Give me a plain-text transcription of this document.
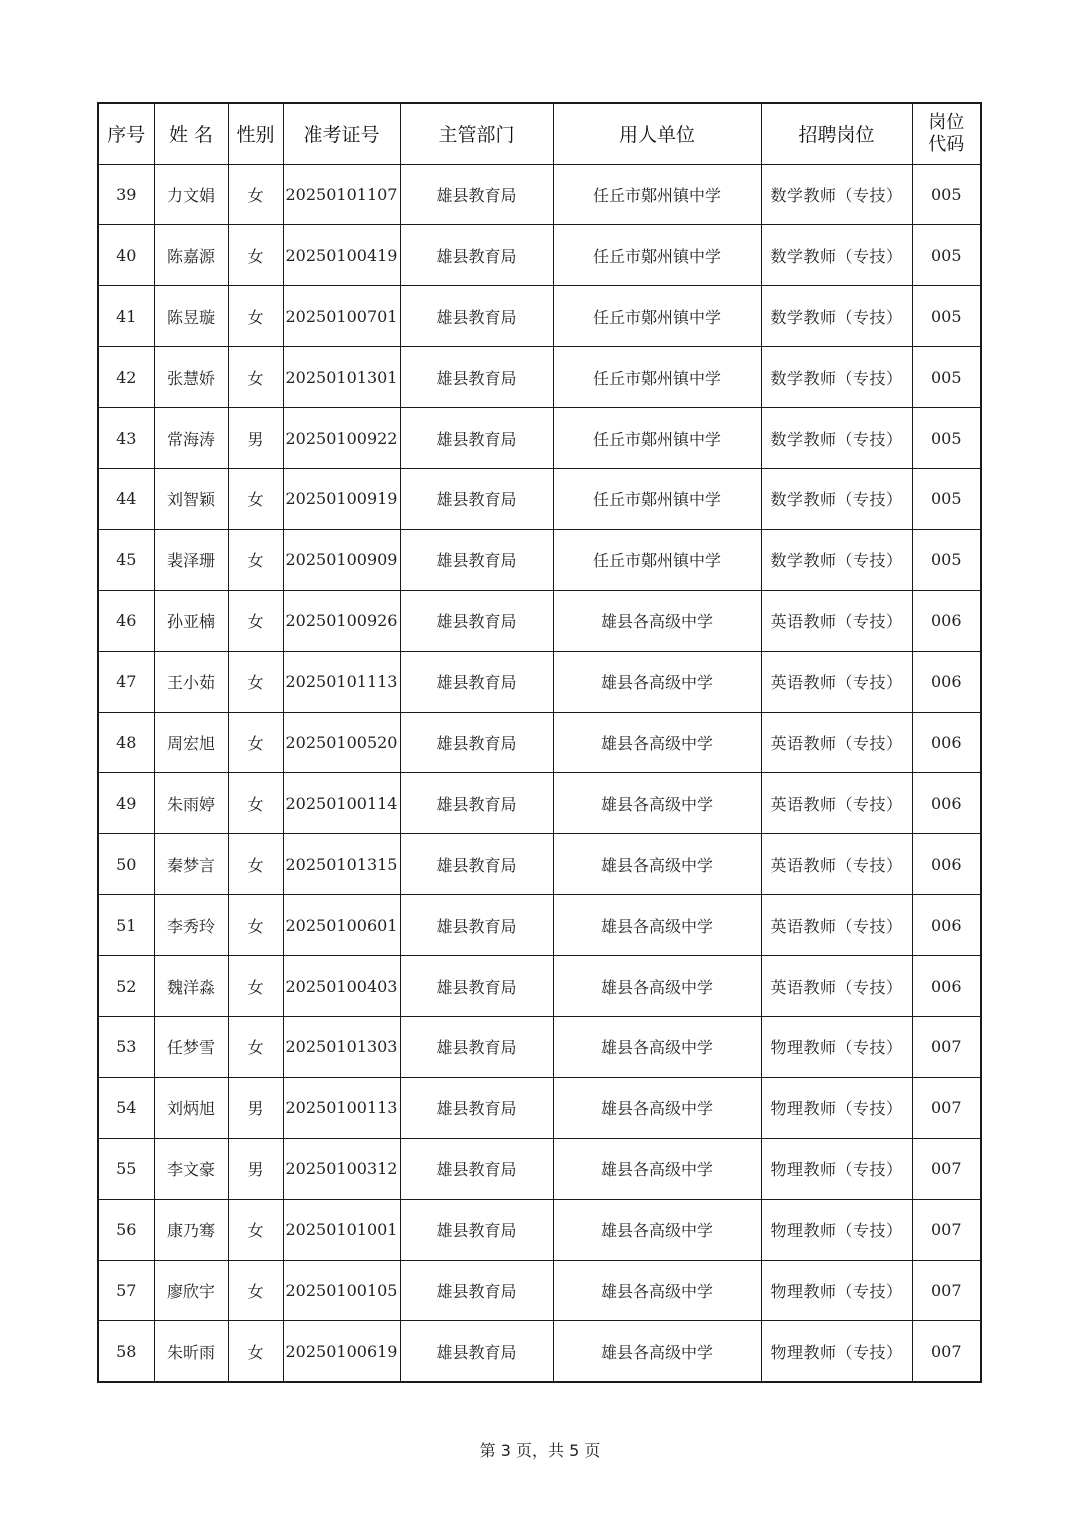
序号	姓 名	性别	准考证号	主管部门	用人单位	招聘岗位	岗位
代码
39	力文娟	女	20250101107	雄县教育局	任丘市鄚州镇中学	数学教师（专技）	005
40	陈嘉源	女	20250100419	雄县教育局	任丘市鄚州镇中学	数学教师（专技）	005
41	陈昱璇	女	20250100701	雄县教育局	任丘市鄚州镇中学	数学教师（专技）	005
42	张慧娇	女	20250101301	雄县教育局	任丘市鄚州镇中学	数学教师（专技）	005
43	常海涛	男	20250100922	雄县教育局	任丘市鄚州镇中学	数学教师（专技）	005
44	刘智颖	女	20250100919	雄县教育局	任丘市鄚州镇中学	数学教师（专技）	005
45	裴泽珊	女	20250100909	雄县教育局	任丘市鄚州镇中学	数学教师（专技）	005
46	孙亚楠	女	20250100926	雄县教育局	雄县各高级中学	英语教师（专技）	006
47	王小茹	女	20250101113	雄县教育局	雄县各高级中学	英语教师（专技）	006
48	周宏旭	女	20250100520	雄县教育局	雄县各高级中学	英语教师（专技）	006
49	朱雨婷	女	20250100114	雄县教育局	雄县各高级中学	英语教师（专技）	006
50	秦梦言	女	20250101315	雄县教育局	雄县各高级中学	英语教师（专技）	006
51	李秀玲	女	20250100601	雄县教育局	雄县各高级中学	英语教师（专技）	006
52	魏洋淼	女	20250100403	雄县教育局	雄县各高级中学	英语教师（专技）	006
53	任梦雪	女	20250101303	雄县教育局	雄县各高级中学	物理教师（专技）	007
54	刘炳旭	男	20250100113	雄县教育局	雄县各高级中学	物理教师（专技）	007
55	李文豪	男	20250100312	雄县教育局	雄县各高级中学	物理教师（专技）	007
56	康乃骞	女	20250101001	雄县教育局	雄县各高级中学	物理教师（专技）	007
57	廖欣宇	女	20250100105	雄县教育局	雄县各高级中学	物理教师（专技）	007
58	朱昕雨	女	20250100619	雄县教育局	雄县各高级中学	物理教师（专技）	007
第 3 页，共 5 页
